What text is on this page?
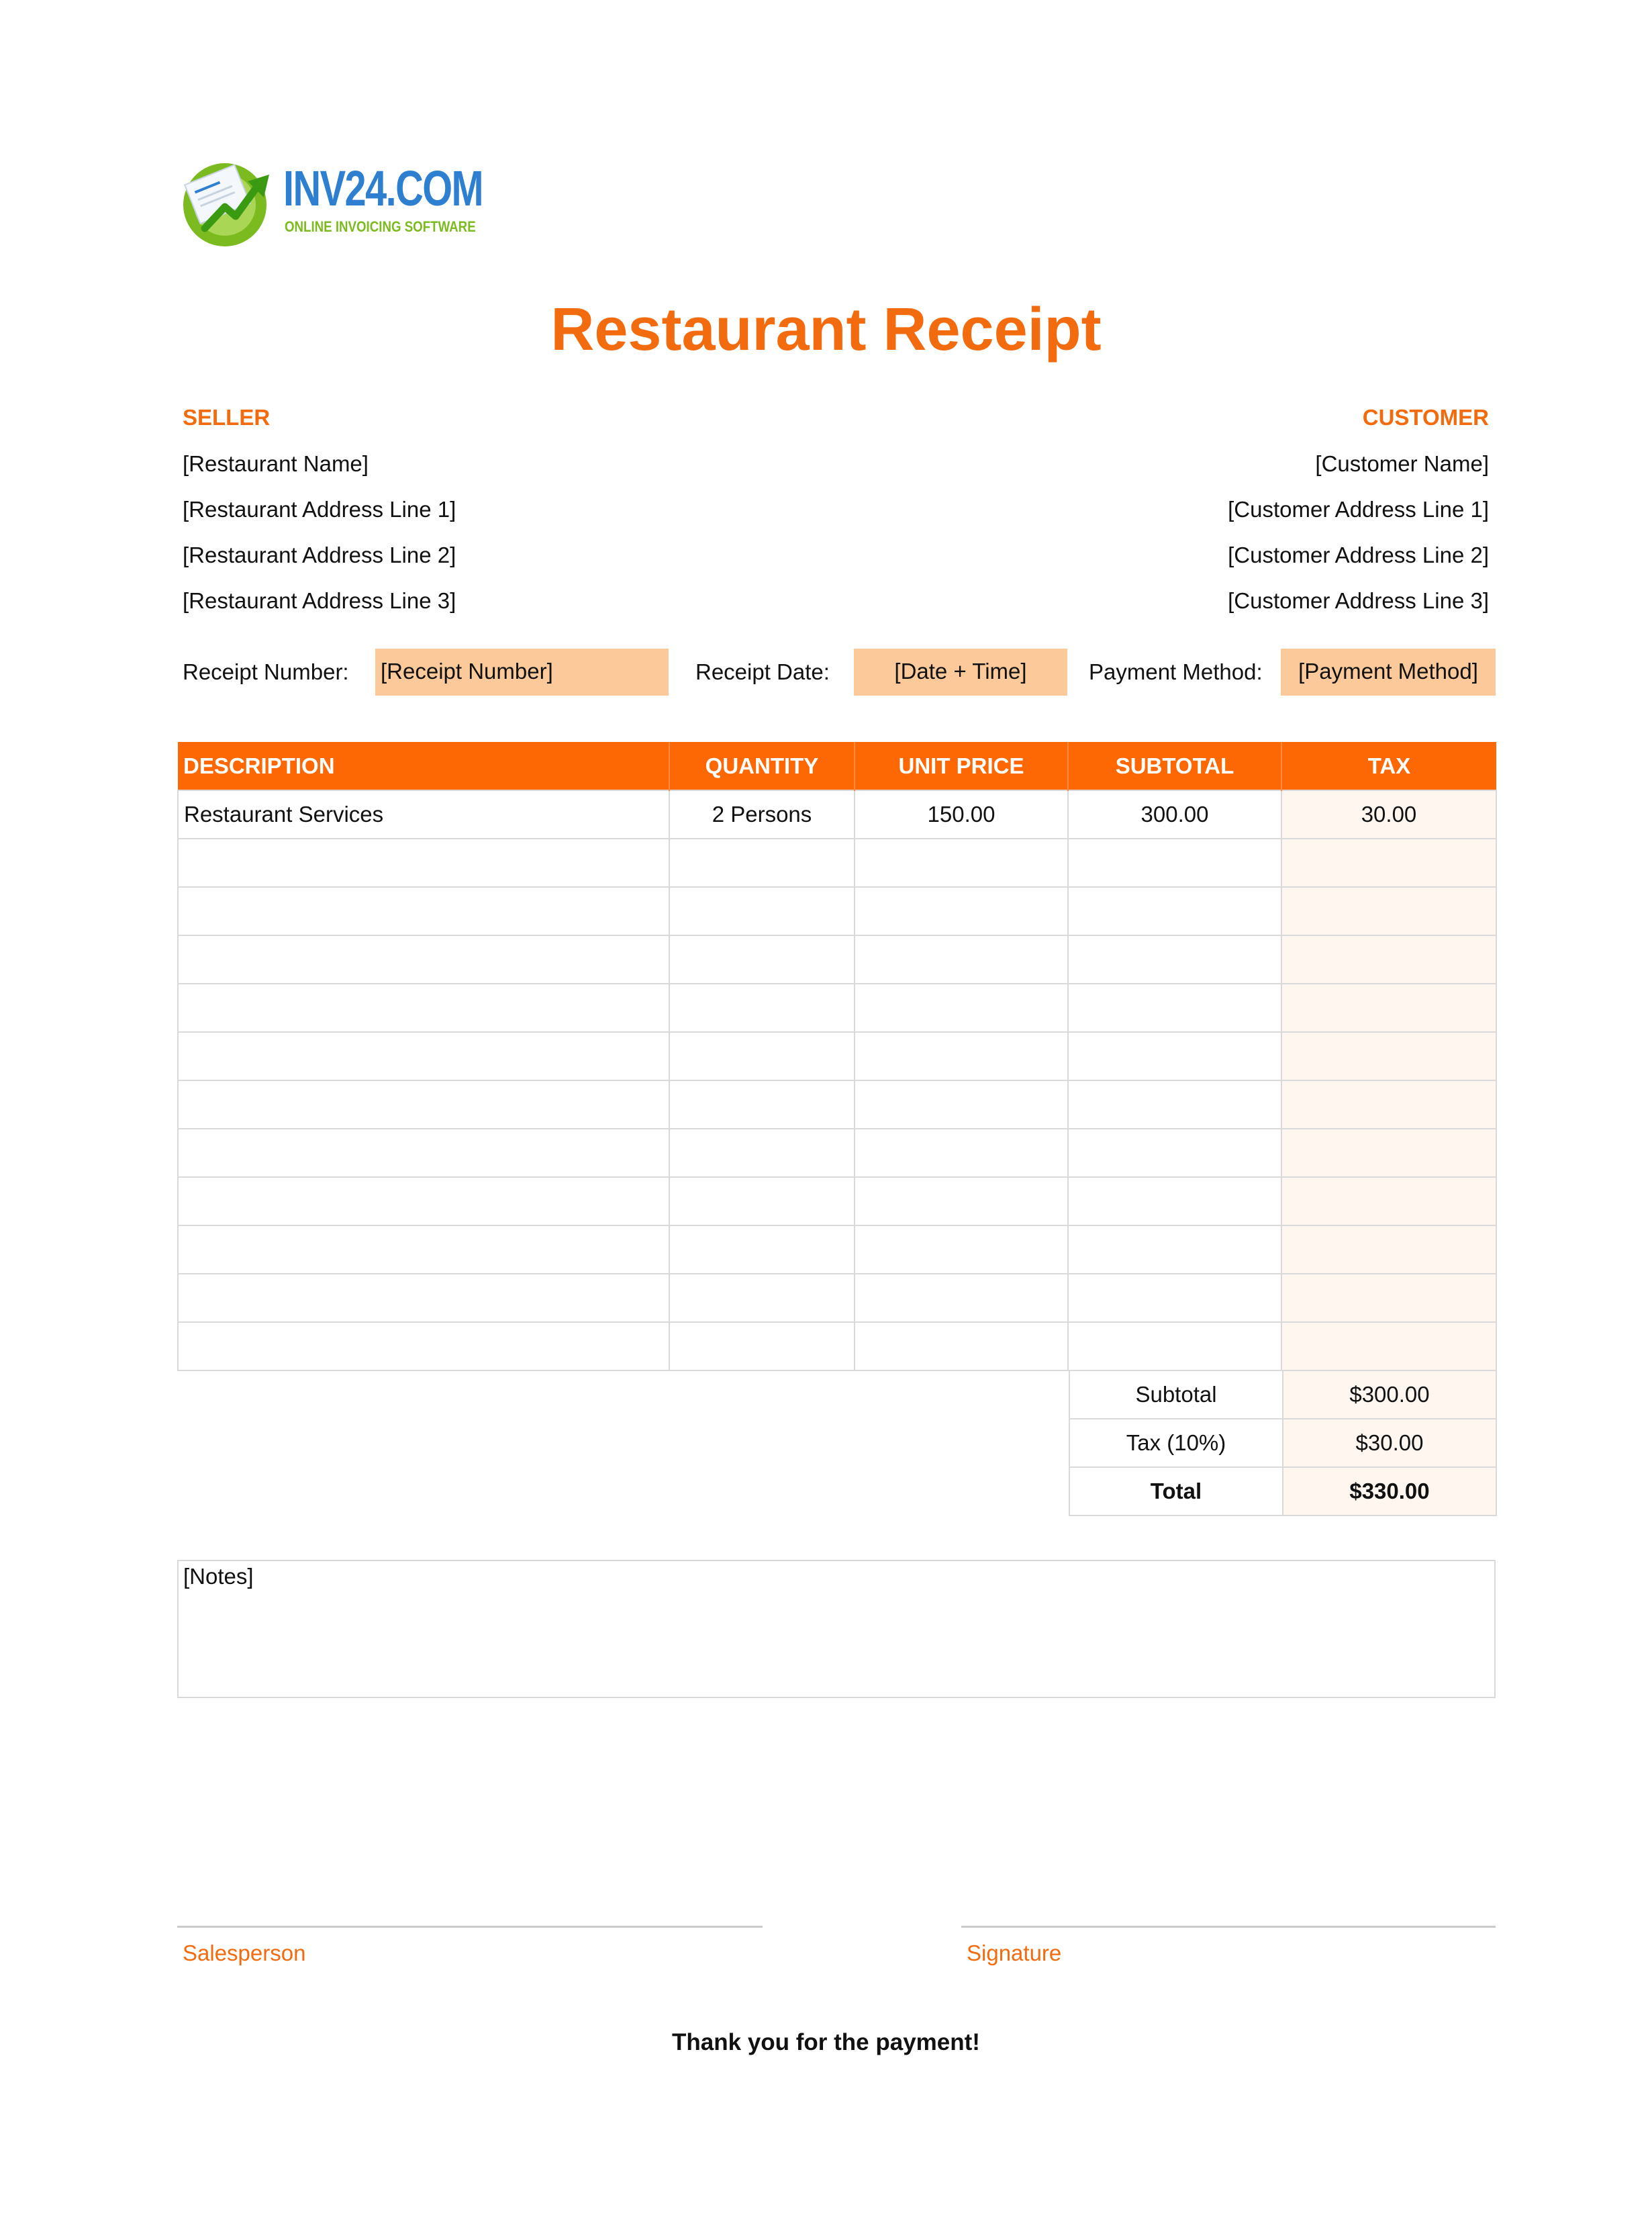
INV24.COM
ONLINE INVOICING SOFTWARE
Restaurant Receipt
SELLER
[Restaurant Name]
[Restaurant Address Line 1]
[Restaurant Address Line 2]
[Restaurant Address Line 3]
CUSTOMER
[Customer Name]
[Customer Address Line 1]
[Customer Address Line 2]
[Customer Address Line 3]
Receipt Number: [Receipt Number]	Receipt Date:	[Date + Time]	Payment Method:	[Payment Method]
DESCRIPTION	QUANTITY	UNIT PRICE	SUBTOTAL	TAX
Restaurant Services	2 Persons	150.00	300.00	30.00

Subtotal	$300.00
Tax (10%)	$30.00
Total	$330.00
[Notes]
Salesperson	Signature
Thank you for the payment!
